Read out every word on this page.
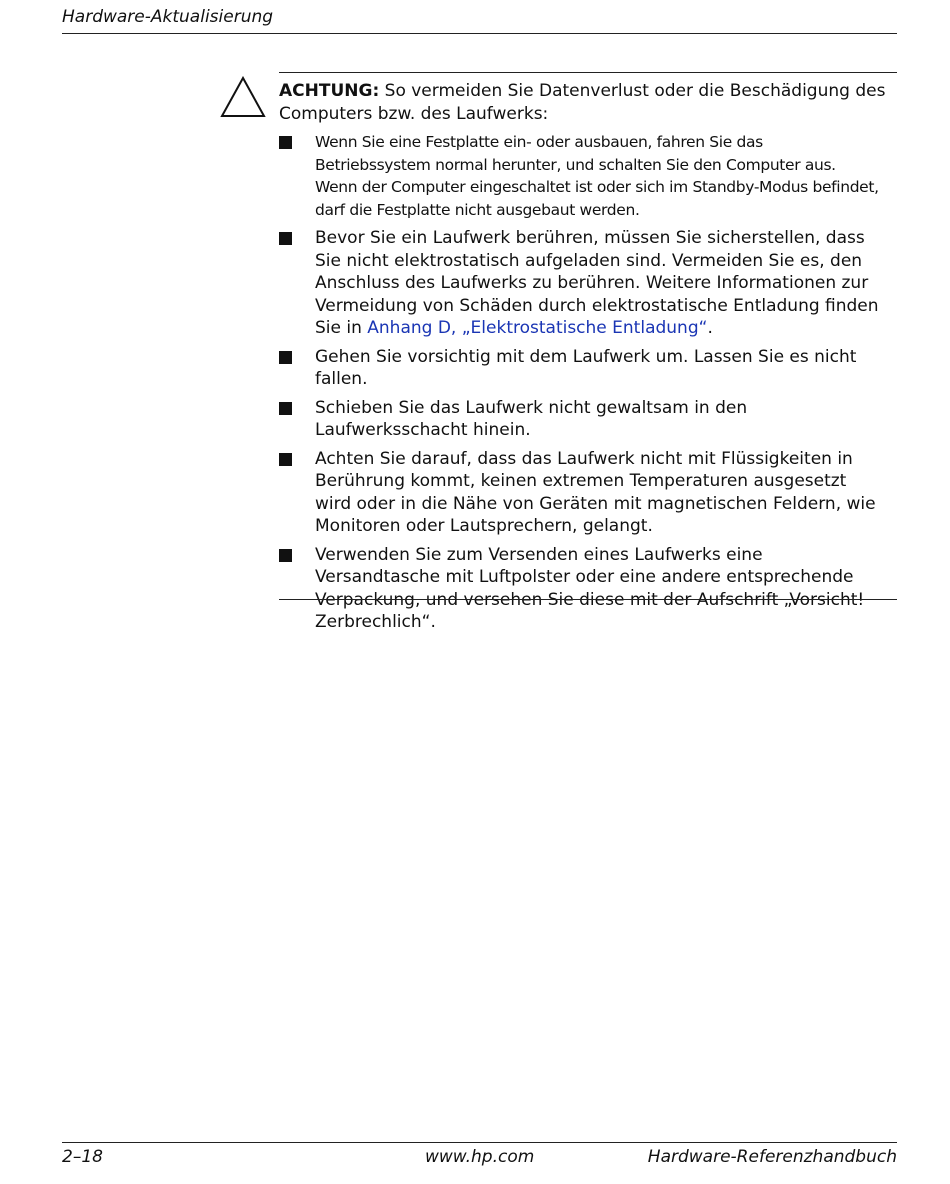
Hardware-Aktualisierung
ACHTUNG: So vermeiden Sie Datenverlust oder die Beschädigung des Computers bzw. des Laufwerks:
Wenn Sie eine Festplatte ein- oder ausbauen, fahren Sie das Betriebssystem normal herunter, und schalten Sie den Computer aus. Wenn der Computer eingeschaltet ist oder sich im Standby-Modus befindet, darf die Festplatte nicht ausgebaut werden.
Bevor Sie ein Laufwerk berühren, müssen Sie sicherstellen, dass Sie nicht elektrostatisch aufgeladen sind. Vermeiden Sie es, den Anschluss des Laufwerks zu berühren. Weitere Informationen zur Vermeidung von Schäden durch elektrostatische Entladung finden Sie in Anhang D, „Elektrostatische Entladung“.
Gehen Sie vorsichtig mit dem Laufwerk um. Lassen Sie es nicht fallen.
Schieben Sie das Laufwerk nicht gewaltsam in den Laufwerksschacht hinein.
Achten Sie darauf, dass das Laufwerk nicht mit Flüssigkeiten in Berührung kommt, keinen extremen Temperaturen ausgesetzt wird oder in die Nähe von Geräten mit magnetischen Feldern, wie Monitoren oder Lautsprechern, gelangt.
Verwenden Sie zum Versenden eines Laufwerks eine Versandtasche mit Luftpolster oder eine andere entsprechende Verpackung, und versehen Sie diese mit der Aufschrift „Vorsicht! Zerbrechlich“.
2–18	www.hp.com	Hardware-Referenzhandbuch
